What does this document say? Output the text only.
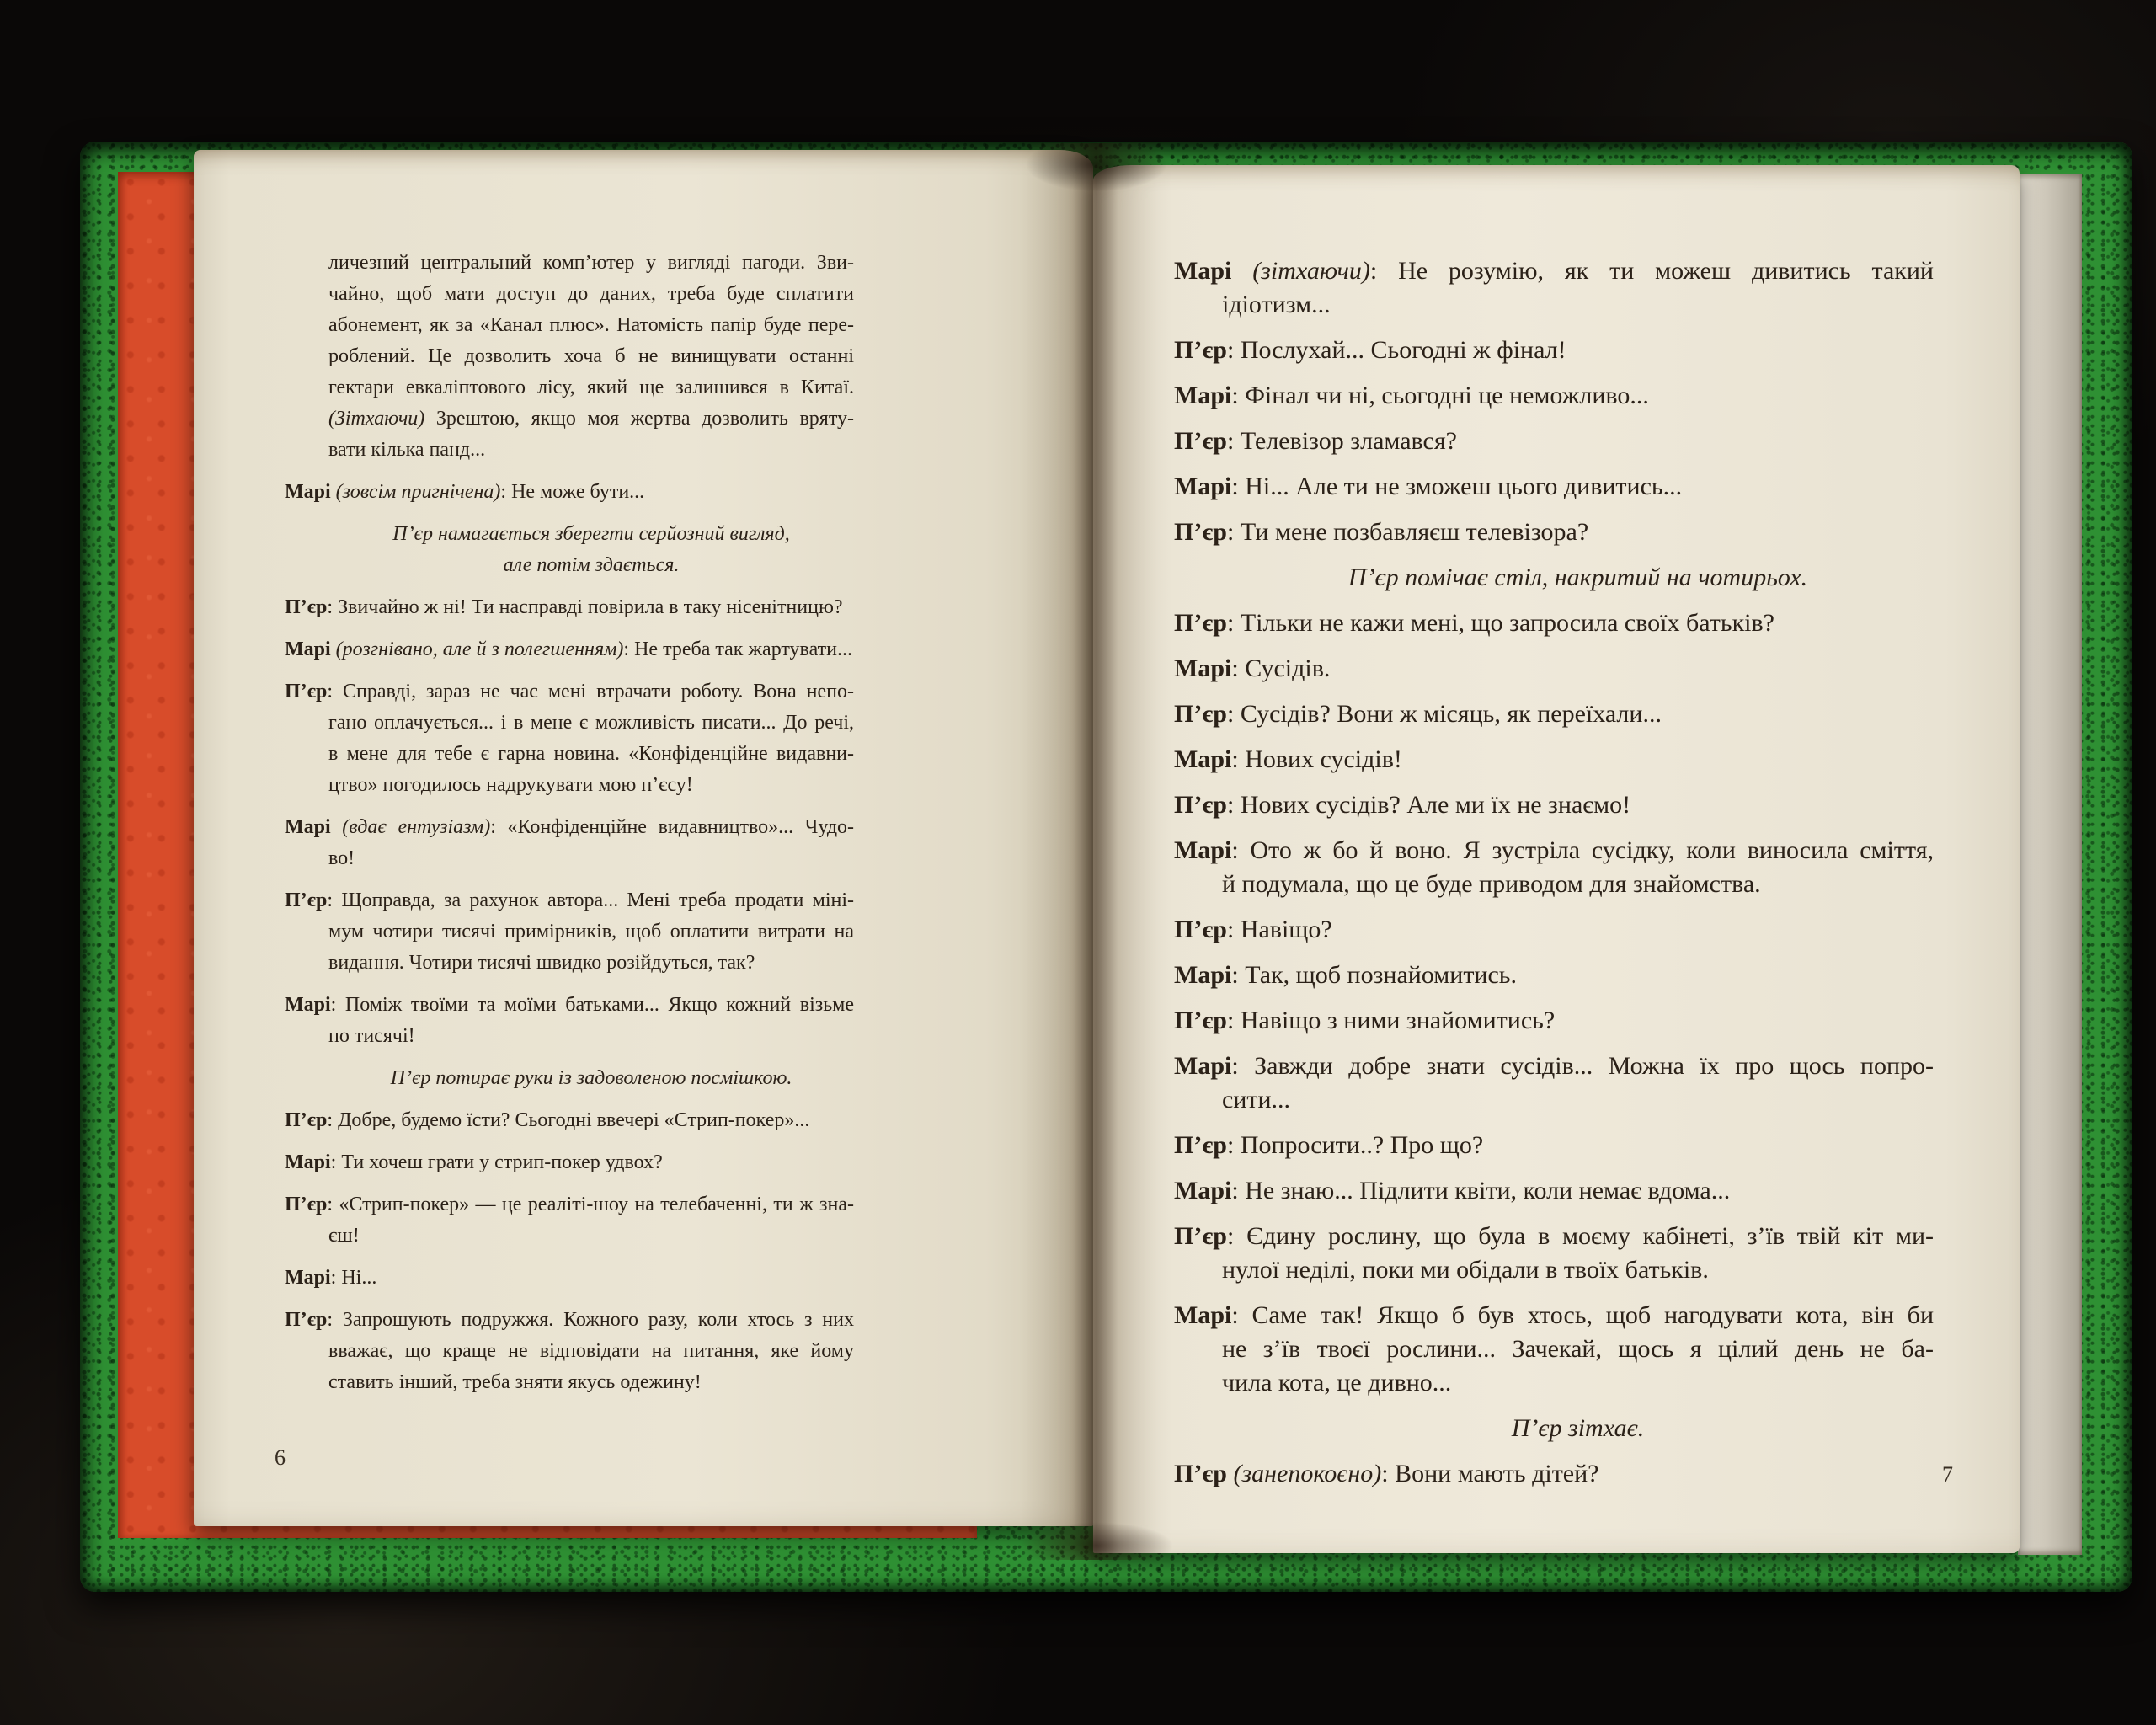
личезний центральний комп’ютер у вигляді пагоди. Зви-
чайно, щоб мати доступ до даних, треба буде сплатити
абонемент, як за «Канал плюс». Натомість папір буде пере-
роблений. Це дозволить хоча б не винищувати останні
гектари евкаліптового лісу, який ще залишився в Китаї.
(Зітхаючи) Зрештою, якщо моя жертва дозволить вряту-
вати кілька панд...
Марі (зовсім пригнічена): Не може бути...
П’єр намагається зберегти серйозний вигляд,
але потім здається.
П’єр: Звичайно ж ні! Ти насправді повірила в таку нісенітницю?
Марі (розгнівано, але й з полегшенням): Не треба так жартувати...
П’єр: Справді, зараз не час мені втрачати роботу. Вона непо-
гано оплачується... і в мене є можливість писати... До речі,
в мене для тебе є гарна новина. «Конфіденційне видавни-
цтво» погодилось надрукувати мою п’єсу!
Марі (вдає ентузіазм): «Конфіденційне видавництво»... Чудо-
во!
П’єр: Щоправда, за рахунок автора... Мені треба продати міні-
мум чотири тисячі примірників, щоб оплатити витрати на
видання. Чотири тисячі швидко розійдуться, так?
Марі: Поміж твоїми та моїми батьками... Якщо кожний візьме
по тисячі!
П’єр потирає руки із задоволеною посмішкою.
П’єр: Добре, будемо їсти? Сьогодні ввечері «Стрип-покер»...
Марі: Ти хочеш грати у стрип-покер удвох?
П’єр: «Стрип-покер» — це реаліті-шоу на телебаченні, ти ж зна-
єш!
Марі: Ні...
П’єр: Запрошують подружжя. Кожного разу, коли хтось з них
вважає, що краще не відповідати на питання, яке йому
ставить інший, треба зняти якусь одежину!
6
Марі (зітхаючи): Не розумію, як ти можеш дивитись такий
ідіотизм...
П’єр: Послухай... Сьогодні ж фінал!
Марі: Фінал чи ні, сьогодні це неможливо...
П’єр: Телевізор зламався?
Марі: Ні... Але ти не зможеш цього дивитись...
П’єр: Ти мене позбавляєш телевізора?
П’єр помічає стіл, накритий на чотирьох.
П’єр: Тільки не кажи мені, що запросила своїх батьків?
Марі: Сусідів.
П’єр: Сусідів? Вони ж місяць, як переїхали...
Марі: Нових сусідів!
П’єр: Нових сусідів? Але ми їх не знаємо!
Марі: Ото ж бо й воно. Я зустріла сусідку, коли виносила сміття,
й подумала, що це буде приводом для знайомства.
П’єр: Навіщо?
Марі: Так, щоб познайомитись.
П’єр: Навіщо з ними знайомитись?
Марі: Завжди добре знати сусідів... Можна їх про щось попро-
сити...
П’єр: Попросити..? Про що?
Марі: Не знаю... Підлити квіти, коли немає вдома...
П’єр: Єдину рослину, що була в моєму кабінеті, з’їв твій кіт ми-
нулої неділі, поки ми обідали в твоїх батьків.
Марі: Саме так! Якщо б був хтось, щоб нагодувати кота, він би
не з’їв твоєї рослини... Зачекай, щось я цілий день не ба-
чила кота, це дивно...
П’єр зітхає.
П’єр (занепокоєно): Вони мають дітей?	7
